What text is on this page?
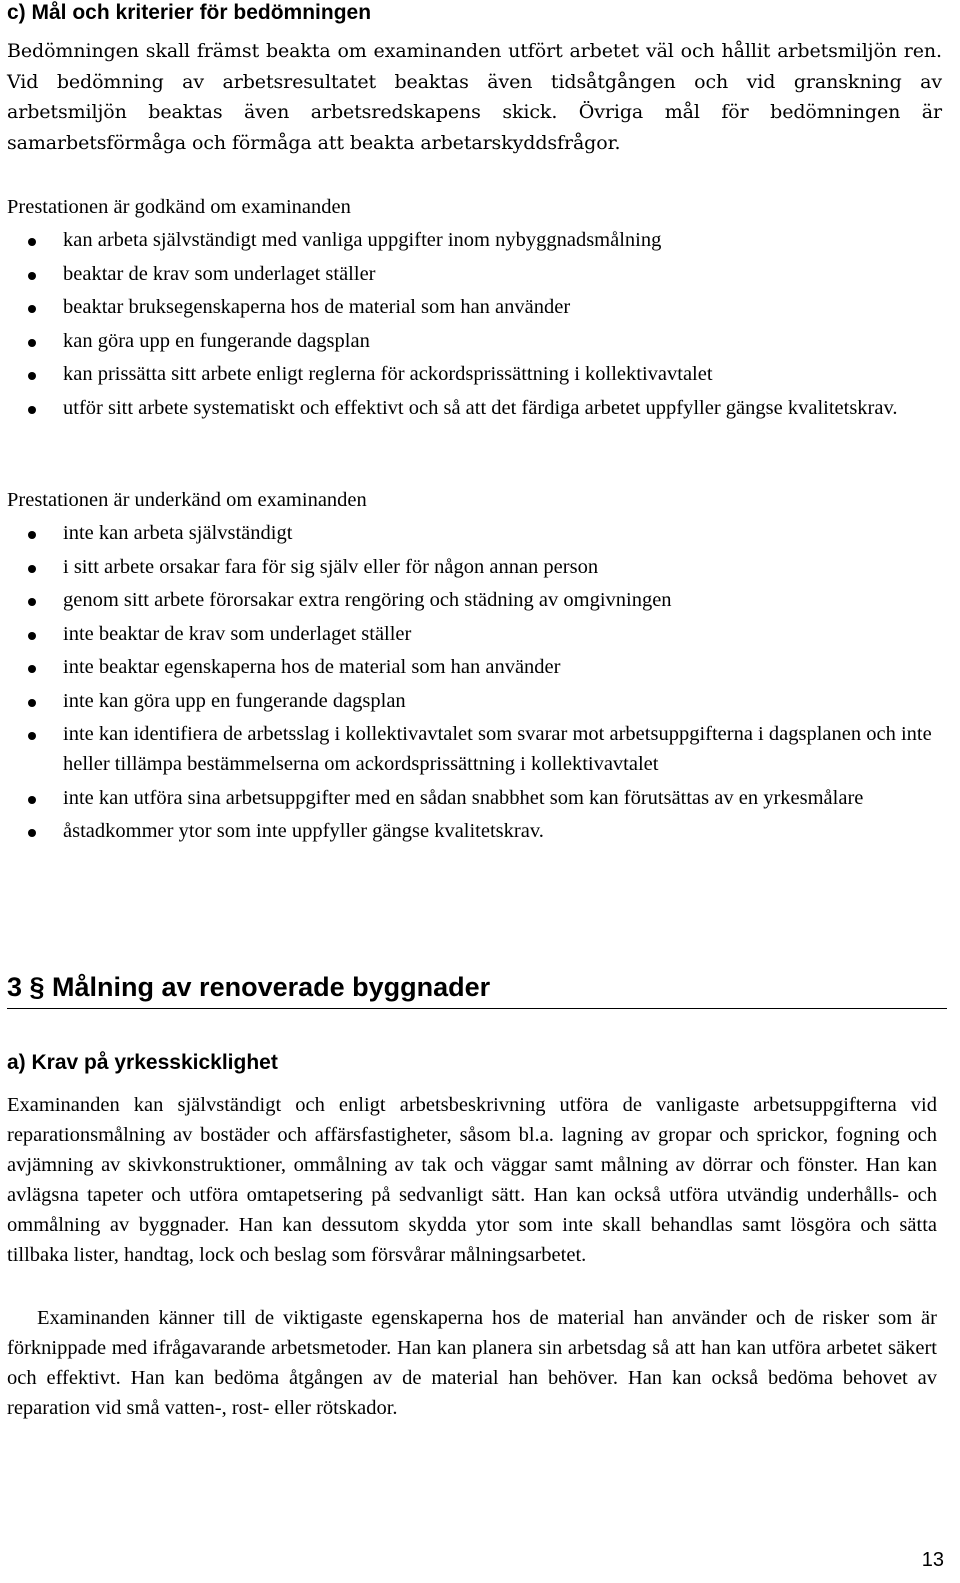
c) Mål och kriterier för bedömningen

Bedömningen skall främst beakta om examinanden utfört arbetet väl och hållit arbetsmiljön ren. Vid bedömning av arbetsresultatet beaktas även tidsåtgången och vid granskning av arbetsmiljön beaktas även arbetsredskapens skick. Övriga mål för bedömningen är samarbetsförmåga och förmåga att beakta arbetarskyddsfrågor.

Prestationen är godkänd om examinanden

kan arbeta självständigt med vanliga uppgifter inom nybyggnadsmålning
beaktar de krav som underlaget ställer
beaktar bruksegenskaperna hos de material som han använder
kan göra upp en fungerande dagsplan
kan prissätta sitt arbete enligt reglerna för ackordsprissättning i kollektivavtalet
utför sitt arbete systematiskt och effektivt och så att det färdiga arbetet uppfyller gängse kvalitetskrav.

Prestationen är underkänd om examinanden

inte kan arbeta självständigt
i sitt arbete orsakar fara för sig själv eller för någon annan person
genom sitt arbete förorsakar extra rengöring och städning av omgivningen
inte beaktar de krav som underlaget ställer
inte beaktar egenskaperna hos de material som han använder
inte kan göra upp en fungerande dagsplan
inte kan identifiera de arbetsslag i kollektivavtalet som svarar mot arbetsuppgifterna i dagsplanen och inte heller tillämpa bestämmelserna om ackordsprissättning i kollektivavtalet
inte kan utföra sina arbetsuppgifter med en sådan snabbhet som kan förutsättas av en yrkesmålare
åstadkommer ytor som inte uppfyller gängse kvalitetskrav.
3 § Målning av renoverade byggnader
a) Krav på yrkesskicklighet

Examinanden kan självständigt och enligt arbetsbeskrivning utföra de vanligaste arbetsuppgifterna vid reparationsmålning av bostäder och affärsfastigheter, såsom bl.a. lagning av gropar och sprickor, fogning och avjämning av skivkonstruktioner, ommålning av tak och väggar samt målning av dörrar och fönster. Han kan avlägsna tapeter och utföra omtapetsering på sedvanligt sätt. Han kan också utföra utvändig underhålls- och ommålning av byggnader. Han kan dessutom skydda ytor som inte skall behandlas samt lösgöra och sätta tillbaka lister, handtag, lock och beslag som försvårar målningsarbetet.

Examinanden känner till de viktigaste egenskaperna hos de material han använder och de risker som är förknippade med ifrågavarande arbetsmetoder. Han kan planera sin arbetsdag så att han kan utföra arbetet säkert och effektivt. Han kan bedöma åtgången av de material han behöver. Han kan också bedöma behovet av reparation vid små vatten-, rost- eller rötskador.

13
